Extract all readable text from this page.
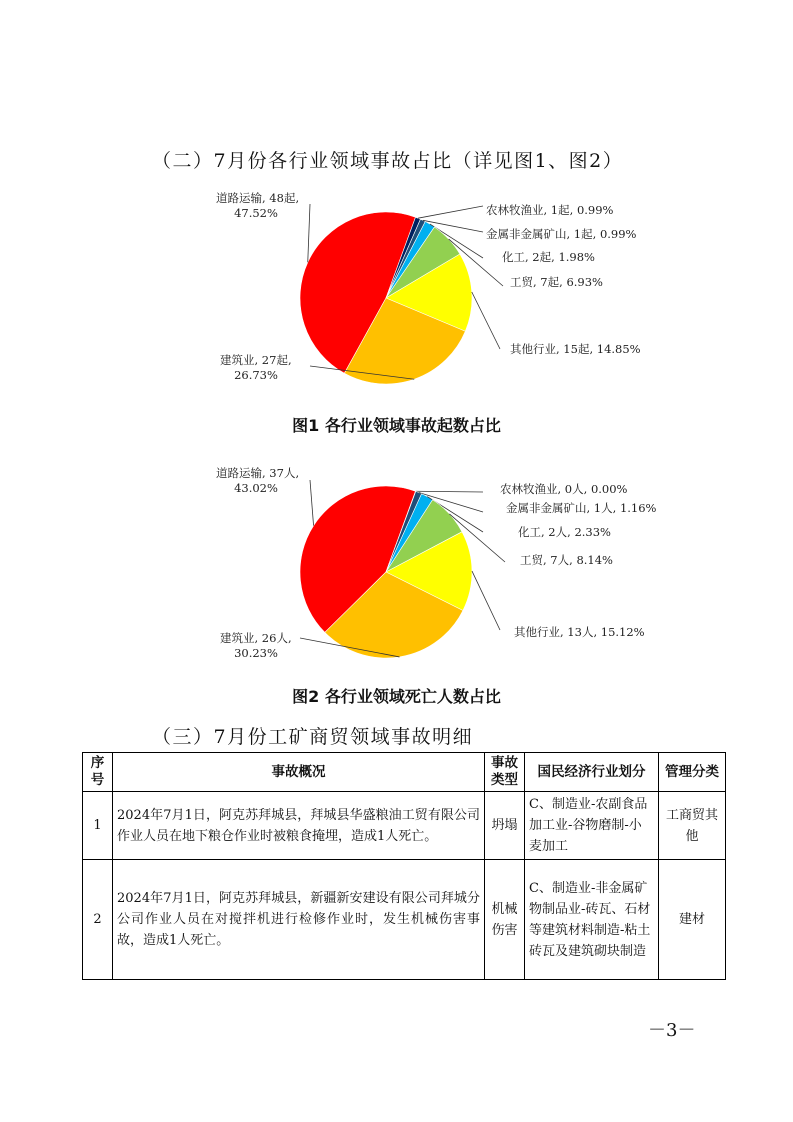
（二）7月份各行业领域事故占比（详见图1、图2）
道路运输, 48起,
47.52%	农林牧渔业, 1起, 0.99%
金属非金属矿山, 1起, 0.99%
化工, 2起, 1.98%
工贸, 7起, 6.93%
其他行业, 15起, 14.85%
建筑业, 27起,
26.73%
图1 各行业领域事故起数占比
道路运输, 37人,
43.02%	农林牧渔业, 0人, 0.00%
金属非金属矿山, 1人, 1.16%
化工, 2人, 2.33%
工贸, 7人, 8.14%
其他行业, 13人, 15.12%
建筑业, 26人,
30.23%
图2 各行业领域死亡人数占比
（三）7月份工矿商贸领域事故明细
序号	事故概况	事故类型	国民经济行业划分	管理分类
1	2024年7月1日，阿克苏拜城县，拜城县华盛粮油工贸有限公司作业人员在地下粮仓作业时被粮食掩埋，造成1人死亡。	坍塌	C、制造业-农副食品加工业-谷物磨制-小麦加工	工商贸其他
2	2024年7月1日，阿克苏拜城县，新疆新安建设有限公司拜城分公司作业人员在对搅拌机进行检修作业时，发生机械伤害事故，造成1人死亡。	机械伤害	C、制造业-非金属矿物制品业-砖瓦、石材等建筑材料制造-粘土砖瓦及建筑砌块制造	建材
－3－
